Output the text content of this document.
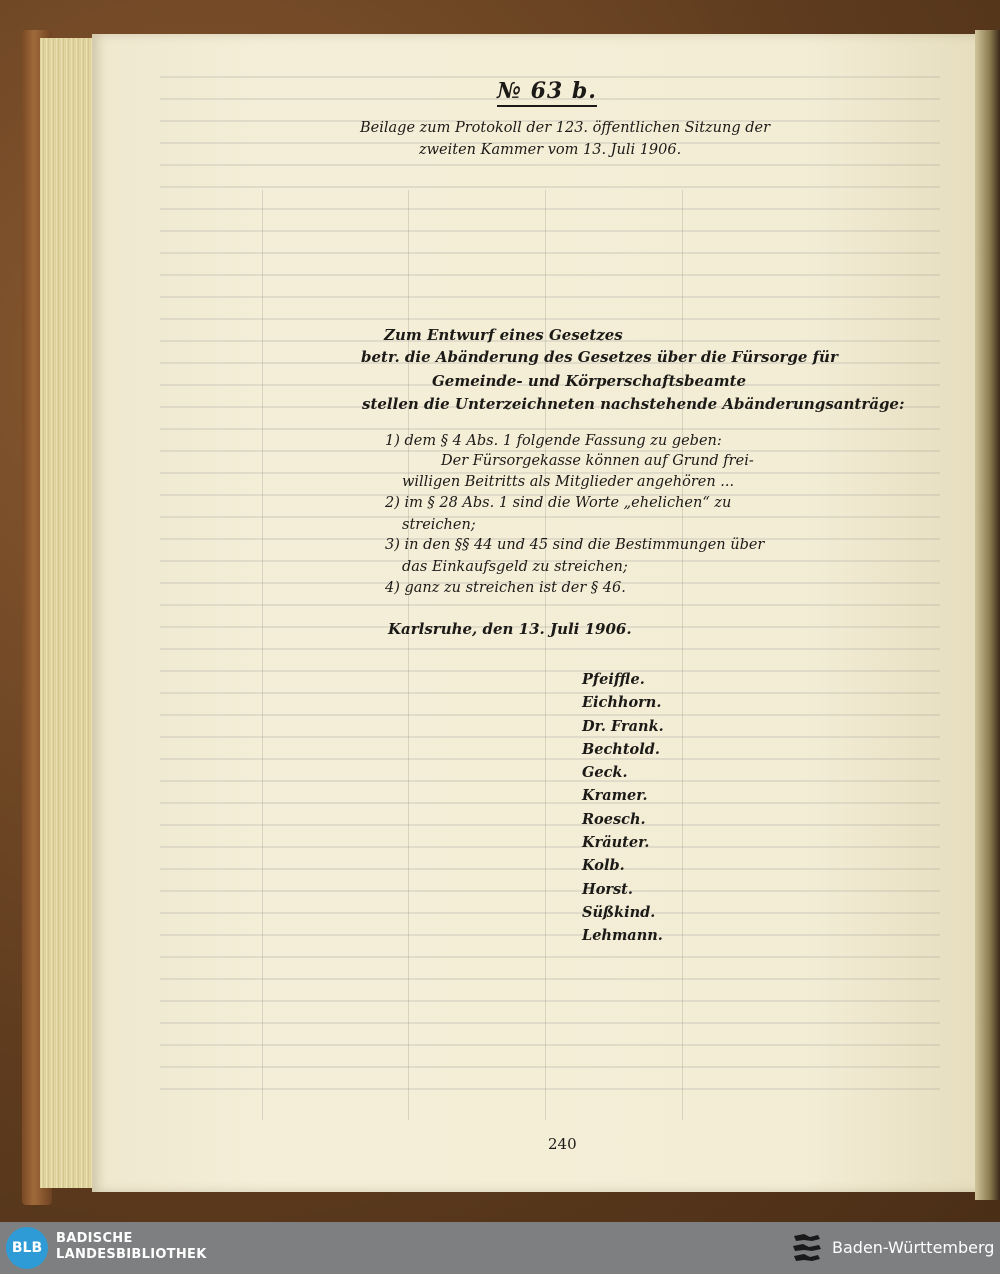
№ 63 b.
Beilage zum Protokoll der 123. öffentlichen Sitzung der
zweiten Kammer vom 13. Juli 1906.
Zum Entwurf eines Gesetzes
betr. die Abänderung des Gesetzes über die Fürsorge für
Gemeinde- und Körperschaftsbeamte
stellen die Unterzeichneten nachstehende Abänderungsanträge:
1) dem § 4 Abs. 1 folgende Fassung zu geben:
Der Fürsorgekasse können auf Grund frei-
willigen Beitritts als Mitglieder angehören ...
2) im § 28 Abs. 1 sind die Worte „ehelichen“ zu
streichen;
3) in den §§ 44 und 45 sind die Bestimmungen über
das Einkaufsgeld zu streichen;
4) ganz zu streichen ist der § 46.
Karlsruhe, den 13. Juli 1906.
Pfeiffle.
Eichhorn.
Dr. Frank.
Bechtold.
Geck.
Kramer.
Roesch.
Kräuter.
Kolb.
Horst.
Süßkind.
Lehmann.
240
BLB
BADISCHE
LANDESBIBLIOTHEK	Baden-Württemberg
